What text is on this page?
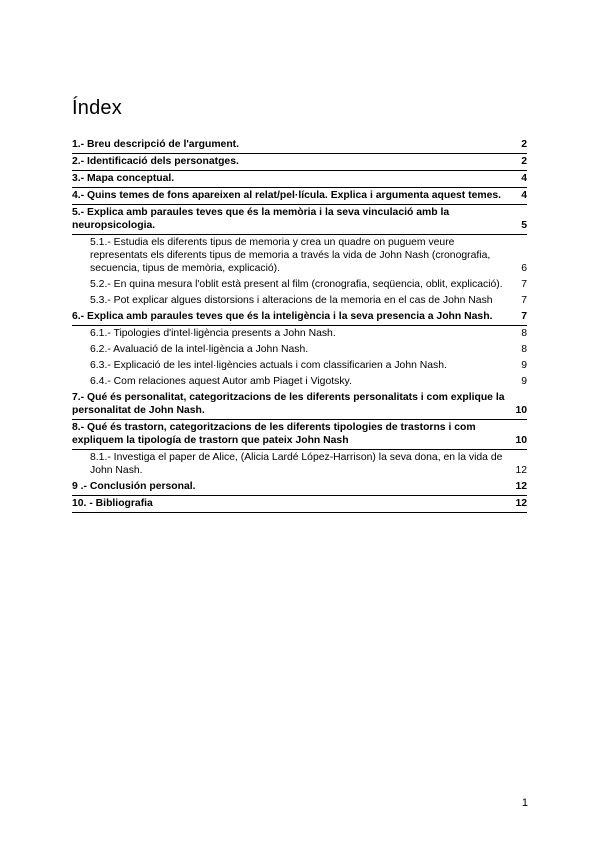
Índex
1.- Breu descripció de l'argument.	2
2.- Identificació dels personatges.	2
3.- Mapa conceptual.	4
4.- Quins temes de fons apareixen al relat/pel·lícula. Explica i argumenta aquest temes.	4
5.- Explica amb paraules teves que és la memòria i la seva vinculació amb la neuropsicologia.	5
5.1.- Estudia els diferents tipus de memoria y crea un quadre on puguem veure representats els diferents tipus de memoria a través la vida de John Nash (cronografia, secuencia, tipus de memòria, explicació).	6
5.2.- En quina mesura l'oblit està present al film (cronografia, seqüencia, oblit, explicació).	7
5.3.- Pot explicar algues distorsions i alteracions de la memoria en el cas de John Nash	7
6.- Explica amb paraules teves que és la inteligència i la seva presencia a John Nash.	7
6.1.- Tipologies d'intel·ligència presents a John Nash.	8
6.2.- Avaluació de la intel·ligència a John Nash.	8
6.3.- Explicació de les intel·ligències actuals i com classificarien a John Nash.	9
6.4.- Com relaciones aquest Autor amb Piaget i Vigotsky.	9
7.- Qué és personalitat, categoritzacions de les diferents personalitats i com explique la personalitat de John Nash.	10
8.- Qué és trastorn, categoritzacions de les diferents tipologies de trastorns i com expliquem la tipología de trastorn que pateix John Nash	10
8.1.- Investiga el paper de Alice, (Alicia Lardé López-Harrison) la seva dona, en la vida de John Nash.	12
9 .- Conclusión personal.	12
10. - Bibliografia	12
1
